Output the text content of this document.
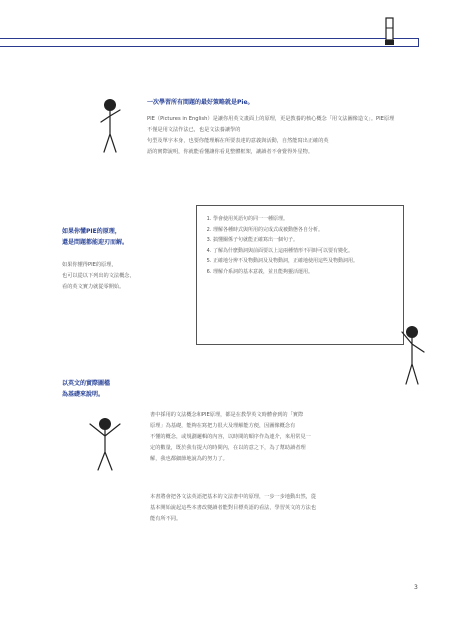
一次學習所有間題的最好策略就是Pie。
PIE（Pictures in English）是讓你用英文畫面上的原理，更是教養的核心概念「用文法圖像造文」。PIE原理不僅是用文法作法已，也是文法養讓學的
句型及單字本身，也要你能理解在所要表達的意義與活動，自然能寫出正確的英
語的實際說明，你就能看懂讓你看見整體框架，讓讀者不會覺得外星物。
如果你懂PIE的原理，
還是問題都能迎刃而解。
如果你懂得PIE的原理，
也可以從以下列出的文法概念，
看的英文實力就從零開始。
1. 學會使用英語句的同一一種原理。
2. 理解各種時式與所用的完成式或被動態各自分析。
3. 搞懂關係子句就能正確寫出一個句子。
4. 了解為什麼動詞與前面要以上這兩種情形不同時可以要有變化。
5. 正確地分辨不及物動詞及及物動詞，正確地使用這些及物動詞用。
6. 理解介系詞的基本意義，並且能夠靈活運用。
以英文的實際圖檔
為基礎來說明。
書中採用的文法概念和PIE原理，都是在教學英文時體會到的「實際
原理」為基礎，能夠在寫把力很大及理解能方便，因圖像概念有
不懂的概念，或規劃邏輯的內容，以時間的順序作為連介，來用常見一
定的數量，既於我有提大的時間內，在以的意之下，為了幫助讀者理
解，我也都細節地說為的努力了。
本書將會把各文法英語把基本的文法書中的原理，一步一步地動出然，從
基本開始說起這些本書改變讀者能對目標英語的看法，學習英文的方法也
能有所不同。
3
